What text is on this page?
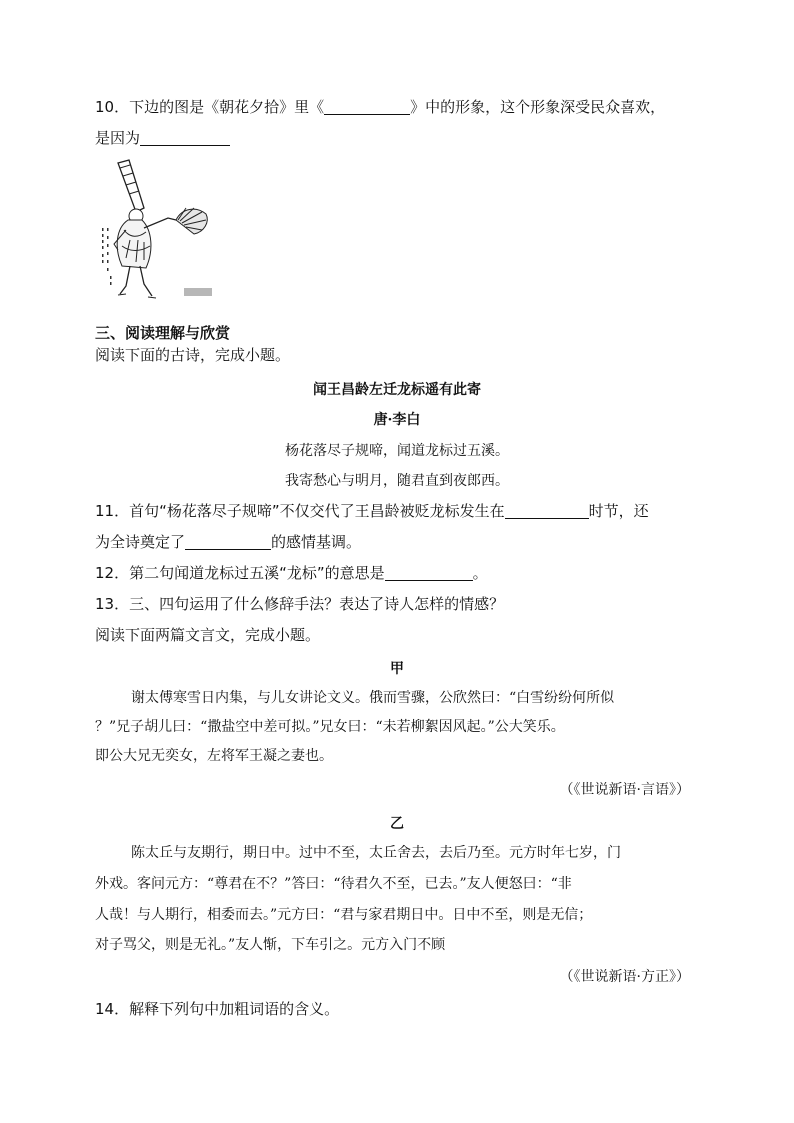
10．下边的图是《朝花夕拾》里《	》中的形象，这个形象深受民众喜欢，
是因为
三、阅读理解与欣赏
阅读下面的古诗，完成小题。
闻王昌龄左迁龙标遥有此寄
唐·李白
杨花落尽子规啼，闻道龙标过五溪。
我寄愁心与明月，随君直到夜郎西。
11．首句“杨花落尽子规啼”不仅交代了王昌龄被贬龙标发生在	时节，还
为全诗奠定了	的感情基调。
12．第二句闻道龙标过五溪“龙标”的意思是	。
13．三、四句运用了什么修辞手法？表达了诗人怎样的情感？
阅读下面两篇文言文，完成小题。
甲
谢太傅寒雪日内集，与儿女讲论文义。俄而雪骤，公欣然曰：“白雪纷纷何所似
？”兄子胡儿曰：“撒盐空中差可拟。”兄女曰：“未若柳絮因风起。”公大笑乐。
即公大兄无奕女，左将军王凝之妻也。
（《世说新语·言语》）
乙
陈太丘与友期行，期日中。过中不至，太丘舍去，去后乃至。元方时年七岁，门
外戏。客问元方：“尊君在不？”答曰：“待君久不至，已去。”友人便怒曰：“非
人哉！与人期行，相委而去。”元方曰：“君与家君期日中。日中不至，则是无信；
对子骂父，则是无礼。”友人惭，下车引之。元方入门不顾
（《世说新语·方正》）
14．解释下列句中加粗词语的含义。
